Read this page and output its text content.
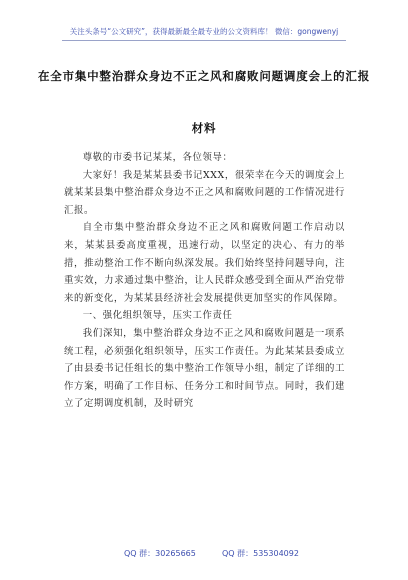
关注头条号“公文研究”，获得最新最全最专业的公文资料库！ 微信：gongwenyj
在全市集中整治群众身边不正之风和腐败问题调度会上的汇报
材料

尊敬的市委书记某某，各位领导：

大家好！我是某某县委书记XXX，很荣幸在今天的调度会上就某某县集中整治群众身边不正之风和腐败问题的工作情况进行汇报。

自全市集中整治群众身边不正之风和腐败问题工作启动以来，某某县委高度重视，迅速行动，以坚定的决心、有力的举措，推动整治工作不断向纵深发展。我们始终坚持问题导向，注重实效，力求通过集中整治，让人民群众感受到全面从严治党带来的新变化，为某某县经济社会发展提供更加坚实的作风保障。

一、强化组织领导，压实工作责任

我们深知，集中整治群众身边不正之风和腐败问题是一项系统工程，必须强化组织领导，压实工作责任。为此某某县委成立了由县委书记任组长的集中整治工作领导小组，制定了详细的工作方案，明确了工作目标、任务分工和时间节点。同时，我们建立了定期调度机制，及时研究

QQ 群：30265665	QQ 群：535304092
